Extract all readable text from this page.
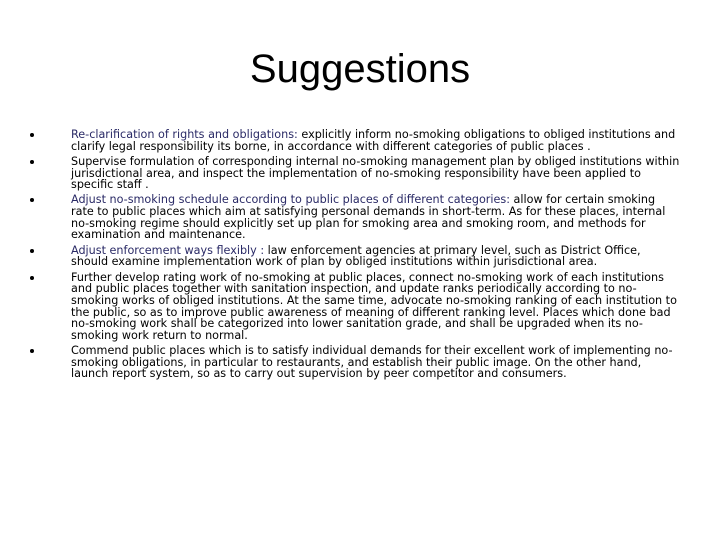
Suggestions
Re-clarification of rights and obligations: explicitly inform no-smoking obligations to obliged institutions and clarify legal responsibility its borne, in accordance with different categories of public places .
Supervise formulation of corresponding internal no-smoking management plan by obliged institutions within jurisdictional area, and inspect the implementation of no-smoking responsibility have been applied to specific staff .
Adjust no-smoking schedule according to public places of different categories: allow for certain smoking rate to public places which aim at satisfying personal demands in short-term. As for these places, internal no-smoking regime should explicitly set up plan for smoking area and smoking room, and methods for examination and maintenance.
Adjust enforcement ways flexibly : law enforcement agencies at primary level, such as District Office, should examine implementation work of plan by obliged institutions within jurisdictional area.
Further develop rating work of no-smoking at public places, connect no-smoking work of each institutions and public places together with sanitation inspection, and update ranks periodically according to no-smoking works of obliged institutions. At the same time, advocate no-smoking ranking of each institution to the public, so as to improve public awareness of meaning of different ranking level. Places which done bad no-smoking work shall be categorized into lower sanitation grade, and shall be upgraded when its no-smoking work return to normal.
Commend public places which is to satisfy individual demands for their excellent work of implementing no-smoking obligations, in particular to restaurants, and establish their public image. On the other hand, launch report system, so as to carry out supervision by peer competitor and consumers.
